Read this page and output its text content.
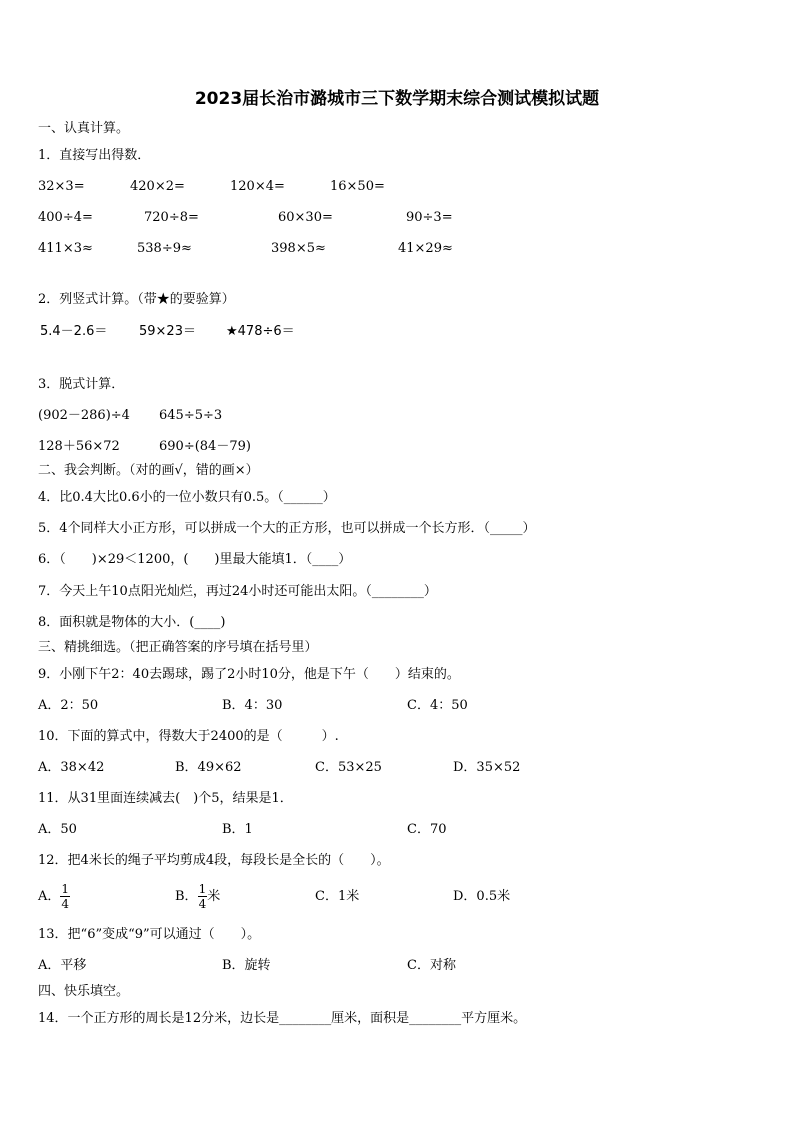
2023届长治市潞城市三下数学期末综合测试模拟试题
一、认真计算。
1．直接写出得数．
32×3=	420×2=	120×4=	16×50=
400÷4=	720÷8=	60×30=	90÷3=
411×3≈	538÷9≈	398×5≈	41×29≈
2．列竖式计算。（带★的要验算）
5.4－2.6＝ 59×23＝ ★478÷6＝
3．脱式计算．
(902－286)÷4 645÷5÷3
128＋56×72	690÷(84－79)
二、我会判断。（对的画√，错的画×）
4．比0.4大比0.6小的一位小数只有0.5。（______）
5．4个同样大小正方形，可以拼成一个大的正方形，也可以拼成一个长方形．（_____）
6．（　　)×29＜1200，(　　)里最大能填1．（____）
7．今天上午10点阳光灿烂，再过24小时还可能出太阳。（________）
8．面积就是物体的大小．(____)
三、精挑细选。（把正确答案的序号填在括号里）
9．小刚下午2：40去踢球，踢了2小时10分，他是下午（　　）结束的。
A．2：50	B．4：30	C．4：50
10．下面的算式中，得数大于2400的是（　　　）.
A．38×42	B．49×62	C．53×25	D．35×52
11．从31里面连续减去(　)个5，结果是1．
A．50	B．1	C．70
12．把4米长的绳子平均剪成4段，每段长是全长的（　　）。
A． $\frac{1}{4}$	B． $\frac{1}{4}$ 米	C．1米	D．0.5米
13．把“6”变成“9”可以通过（　　）。
A．平移	B．旋转	C．对称
四、快乐填空。
14．一个正方形的周长是12分米，边长是________厘米，面积是________平方厘米。
